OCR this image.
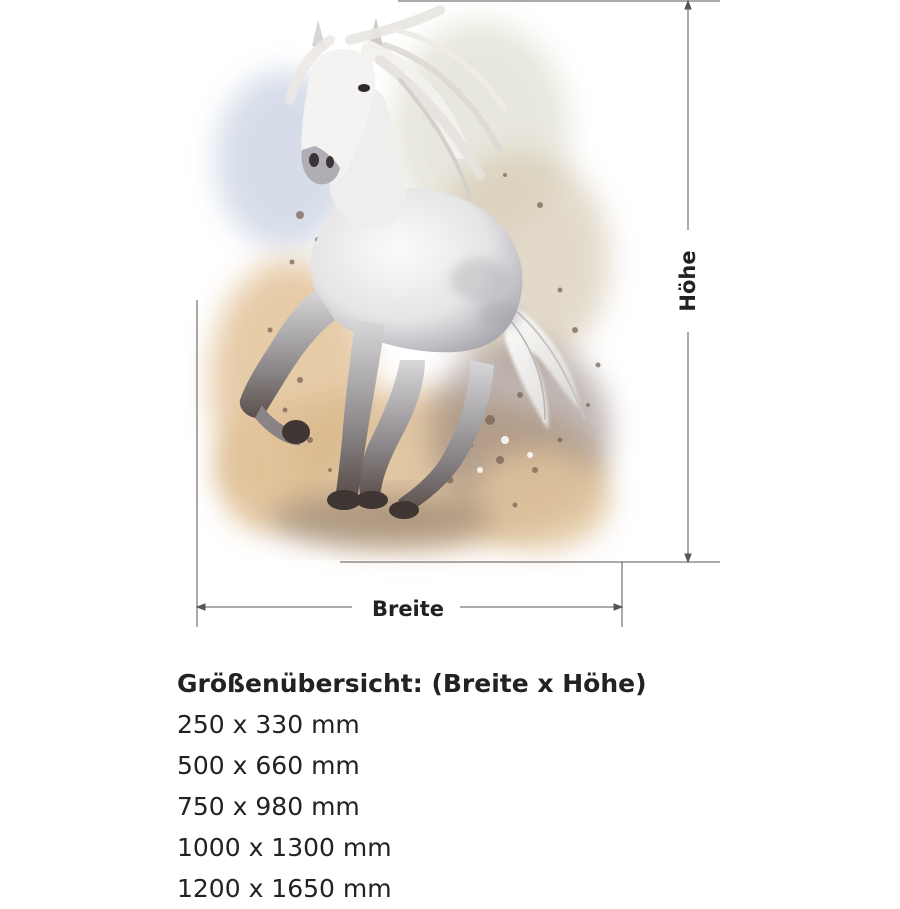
Breite
Höhe
Größenübersicht: (Breite x Höhe)
250 x 330 mm
500 x 660 mm
750 x 980 mm
1000 x 1300 mm
1200 x 1650 mm
